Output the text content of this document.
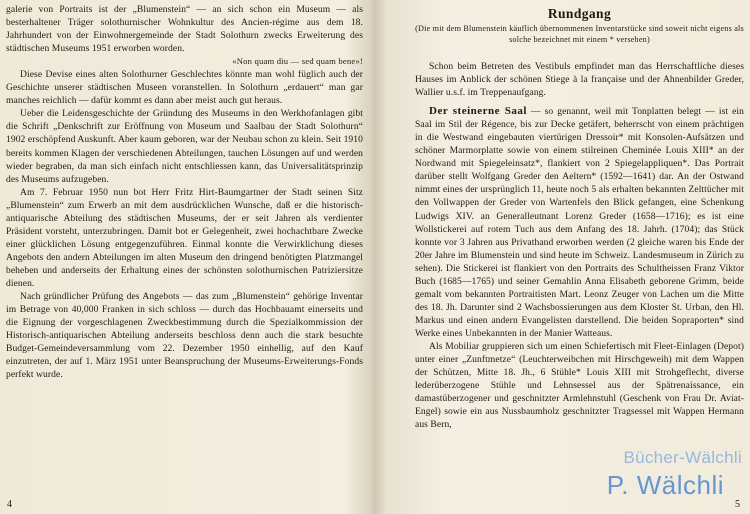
galerie von Portraits ist der „Blumenstein“ — an sich schon ein Museum — als besterhaltener Träger solothurnischer Wohnkultur des Ancien-régime aus dem 18. Jahrhundert von der Einwohnergemeinde der Stadt Solothurn zwecks Erweiterung des städtischen Museums 1951 erworben worden.

«Non quam diu — sed quam bene»!

Diese Devise eines alten Solothurner Geschlechtes könnte man wohl füglich auch der Geschichte unserer städtischen Museen voranstellen. In Solothurn „erdauert“ man gar manches reichlich — dafür kommt es dann aber meist auch gut heraus.

Ueber die Leidensgeschichte der Gründung des Museums in den Werkhofanlagen gibt die Schrift „Denkschrift zur Eröffnung von Museum und Saalbau der Stadt Solothurn“ 1902 erschöpfend Auskunft. Aber kaum geboren, war der Neubau schon zu klein. Seit 1910 bereits kommen Klagen der verschiedenen Abteilungen, tauchen Lösungen auf und werden wieder begraben, da man sich einfach nicht entschliessen kann, das Universalitätsprinzip des Museums aufzugeben.

Am 7. Februar 1950 nun bot Herr Fritz Hirt-Baumgartner der Stadt seinen Sitz „Blumenstein“ zum Erwerb an mit dem ausdrücklichen Wunsche, daß er die historisch-antiquarische Abteilung des städtischen Museums, der er seit Jahren als verdienter Präsident vorsteht, unterzubringen. Damit bot er Gelegenheit, zwei hochachtbare Zwecke einer glücklichen Lösung entgegenzuführen. Einmal konnte die Verwirklichung dieses Angebots den andern Abteilungen im alten Museum den dringend benötigten Platzmangel beheben und anderseits der Erhaltung eines der schönsten solothurnischen Patriziersitze dienen.

Nach gründlicher Prüfung des Angebots — das zum „Blumenstein“ gehörige Inventar im Betrage von 40,000 Franken in sich schloss — durch das Hochbauamt einerseits und die Eignung der vorgeschlagenen Zweckbestimmung durch die Spezialkommission der Historisch-antiquarischen Abteilung anderseits beschloss denn auch die stark besuchte Budget-Gemeindeversammlung vom 22. Dezember 1950 einhellig, auf den Kauf einzutreten, der auf 1. März 1951 unter Beanspruchung der Museums-Erweiterungs-Fonds perfekt wurde.

4
Rundgang
(Die mit dem Blumenstein käuflich übernommenen Inventarstücke sind soweit nicht eigens als solche bezeichnet mit einem * versehen)

Schon beim Betreten des Vestibuls empfindet man das Herrschaftliche dieses Hauses im Anblick der schönen Stiege à la française und der Ahnenbilder Greder, Wallier u.s.f. im Treppenaufgang.

Der steinerne Saal — so genannt, weil mit Tonplatten belegt — ist ein Saal im Stil der Régence, bis zur Decke getäfert, beherrscht von einem prächtigen in die Westwand eingebauten viertürigen Dressoir* mit Konsolen-Aufsätzen und schöner Marmorplatte sowie von einem stilreinen Cheminée Louis XIII* an der Nordwand mit Spiegeleinsatz*, flankiert von 2 Spiegelappliquen*. Das Portrait darüber stellt Wolfgang Greder den Aeltern* (1592—1641) dar. An der Ostwand nimmt eines der ursprünglich 11, heute noch 5 als erhalten bekannten Zelttücher mit den Vollwappen der Greder von Wartenfels den Blick gefangen, eine Schenkung Ludwigs XIV. an Generalleutnant Lorenz Greder (1658—1716); es ist eine Wollstickerei auf rotem Tuch aus dem Anfang des 18. Jahrh. (1704); das Stück konnte vor 3 Jahren aus Privathand erworben werden (2 gleiche waren bis Ende der 20er Jahre im Blumenstein und sind heute im Schweiz. Landesmuseum in Zürich zu sehen). Die Stickerei ist flankiert von den Portraits des Schultheissen Franz Viktor Buch (1685—1765) und seiner Gemahlin Anna Elisabeth geborene Grimm, beide gemalt vom bekannten Portraitisten Mart. Leonz Zeuger von Lachen um die Mitte des 18. Jh. Darunter sind 2 Wachsbossierungen aus dem Kloster St. Urban, den Hl. Markus und einen andern Evangelisten darstellend. Die beiden Sopraporten* sind Werke eines Unbekannten in der Manier Watteaus.

Als Mobiliar gruppieren sich um einen Schiefertisch mit Fleet-Einlagen (Depot) unter einer „Zunftmetze“ (Leuchterweibchen mit Hirschgeweih) mit dem Wappen der Schützen, Mitte 18. Jh., 6 Stühle* Louis XIII mit Strohgeflecht, diverse lederüberzogene Stühle und Lehnsessel aus der Spätrenaissance, ein damastüberzogener und geschnitzter Armlehnstuhl (Geschenk von Frau Dr. Aviat-Engel) sowie ein aus Nussbaumholz geschnitzter Tragsessel mit Wappen Hermann aus Bern,

5
Bücher-Wälchli
P. Wälchli
